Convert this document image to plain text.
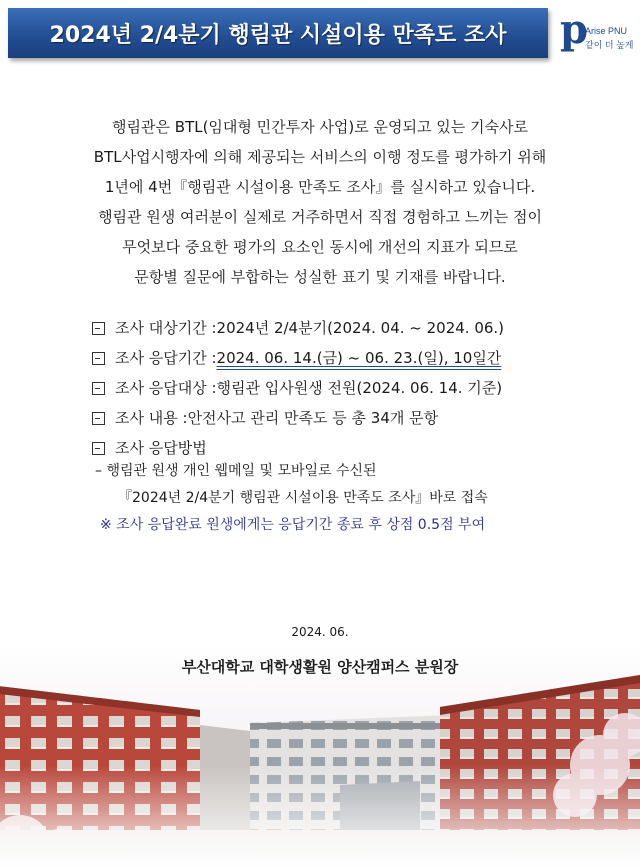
2024년 2/4분기 행림관 시설이용 만족도 조사 p
Arise PNU
같이 더 높게
행림관은 BTL(임대형 민간투자 사업)로 운영되고 있는 기숙사로
BTL사업시행자에 의해 제공되는 서비스의 이행 정도를 평가하기 위해
1년에 4번『행림관 시설이용 만족도 조사』를 실시하고 있습니다.
행림관 원생 여러분이 실제로 거주하면서 직접 경험하고 느끼는 점이
무엇보다 중요한 평가의 요소인 동시에 개선의 지표가 되므로
문항별 질문에 부합하는 성실한 표기 및 기재를 바랍니다.
조사 대상기간 : 2024년 2/4분기(2024. 04. ~ 2024. 06.)
조사 응답기간 : 2024. 06. 14.(금) ~ 06. 23.(일), 10일간
조사 응답대상 : 행림관 입사원생 전원(2024. 06. 14. 기준)
조사 내용 : 안전사고 관리 만족도 등 총 34개 문항
조사 응답방법
– 행림관 원생 개인 웹메일 및 모바일로 수신된
『2024년 2/4분기 행림관 시설이용 만족도 조사』바로 접속
※ 조사 응답완료 원생에게는 응답기간 종료 후 상점 0.5점 부여
2024. 06.
부산대학교 대학생활원 양산캠퍼스 분원장
